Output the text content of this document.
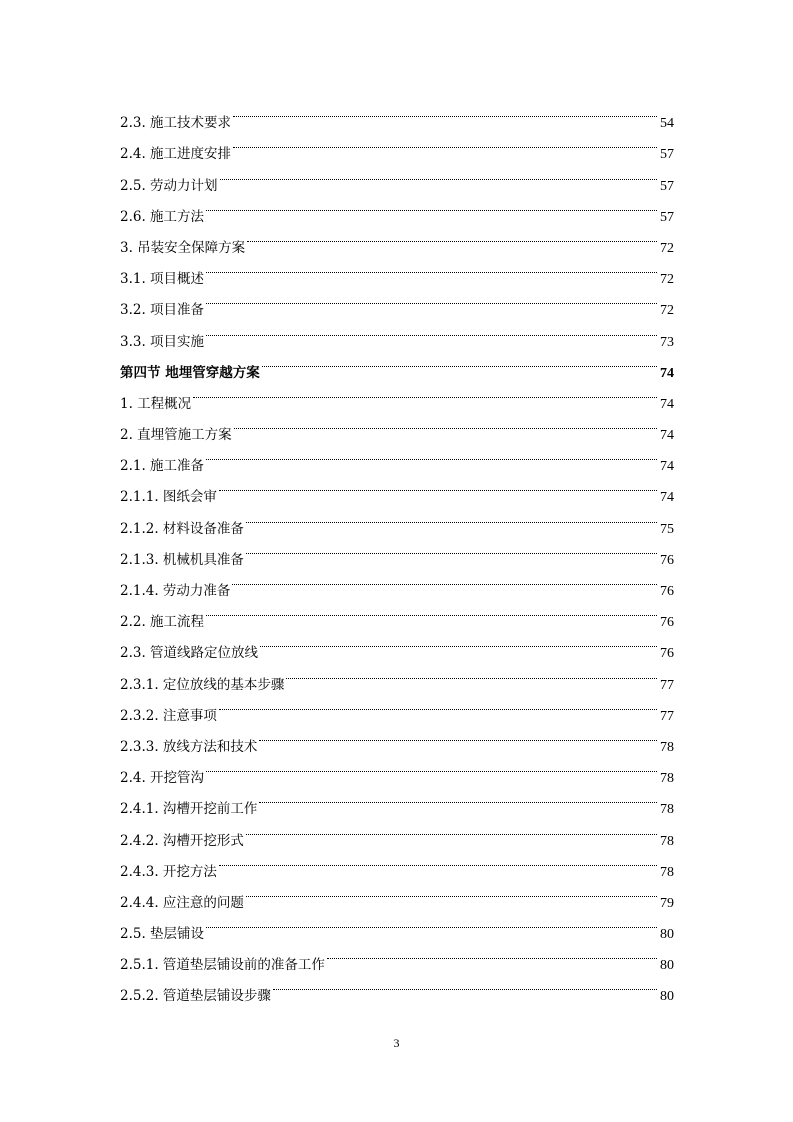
2.3. 施工技术要求	54
2.4. 施工进度安排	57
2.5. 劳动力计划	57
2.6. 施工方法	57
3. 吊装安全保障方案	72
3.1. 项目概述	72
3.2. 项目准备	72
3.3. 项目实施	73
第四节 地埋管穿越方案	74
1. 工程概况	74
2. 直埋管施工方案	74
2.1. 施工准备	74
2.1.1. 图纸会审	74
2.1.2. 材料设备准备	75
2.1.3. 机械机具准备	76
2.1.4. 劳动力准备	76
2.2. 施工流程	76
2.3. 管道线路定位放线	76
2.3.1. 定位放线的基本步骤	77
2.3.2. 注意事项	77
2.3.3. 放线方法和技术	78
2.4. 开挖管沟	78
2.4.1. 沟槽开挖前工作	78
2.4.2. 沟槽开挖形式	78
2.4.3. 开挖方法	78
2.4.4. 应注意的问题	79
2.5. 垫层铺设	80
2.5.1. 管道垫层铺设前的准备工作	80
2.5.2. 管道垫层铺设步骤	80
3
